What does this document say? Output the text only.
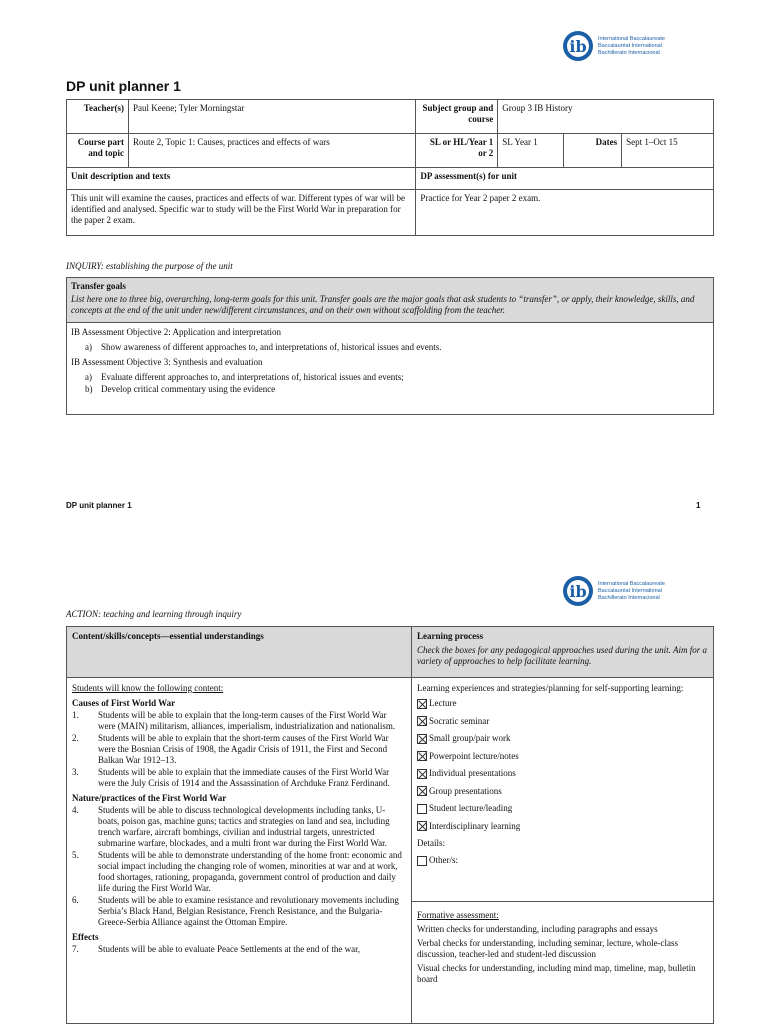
ib International Baccalaureate
Baccalauréat International
Bachillerato Internacional
DP unit planner 1
Teacher(s)	Paul Keene; Tyler Morningstar	Subject group and course	Group 3 IB History		
Course part and topic	Route 2, Topic 1: Causes, practices and effects of wars	SL or HL/Year 1 or 2	SL Year 1	Dates	Sept 1–Oct 15
Unit description and texts		DP assessment(s) for unit			
This unit will examine the causes, practices and effects of war. Different types of war will be identified and analysed. Specific war to study will be the First World War in preparation for the paper 2 exam.		Practice for Year 2 paper 2 exam.			
INQUIRY: establishing the purpose of the unit
Transfer goals
List here one to three big, overarching, long-term goals for this unit. Transfer goals are the major goals that ask students to “transfer”, or apply, their knowledge, skills, and concepts at the end of the unit under new/different circumstances, and on their own without scaffolding from the teacher.
IB Assessment Objective 2: Application and interpretation
a)	Show awareness of different approaches to, and interpretations of, historical issues and events.
IB Assessment Objective 3: Synthesis and evaluation
a)	Evaluate different approaches to, and interpretations of, historical issues and events;
b) Develop critical commentary using the evidence
DP unit planner 1	1
ib International Baccalaureate
Baccalauréat International
Bachillerato Internacional
ACTION: teaching and learning through inquiry
Content/skills/concepts—essential understandings	Learning process
Check the boxes for any pedagogical approaches used during the unit. Aim for a variety of approaches to help facilitate learning.
Students will know the following content:
Causes of First World War
1.	Students will be able to explain that the long-term causes of the First World War were (MAIN) militarism, alliances, imperialism, industrialization and nationalism.
2.	Students will be able to explain that the short-term causes of the First World War were the Bosnian Crisis of 1908, the Agadir Crisis of 1911, the First and Second Balkan War 1912–13.
3.	Students will be able to explain that the immediate causes of the First World War were the July Crisis of 1914 and the Assassination of Archduke Franz Ferdinand.
Nature/practices of the First World War
4.	Students will be able to discuss technological developments including tanks, U-boats, poison gas, machine guns; tactics and strategies on land and sea, including trench warfare, aircraft bombings, civilian and industrial targets, unrestricted submarine warfare, blockades, and a multi front war during the First World War.
5.	Students will be able to demonstrate understanding of the home front: economic and social impact including the changing role of women, minorities at war and at work, food shortages, rationing, propaganda, government control of production and daily life during the First World War.
6.	Students will be able to examine resistance and revolutionary movements including Serbia’s Black Hand, Belgian Resistance, French Resistance, and the Bulgaria-Greece-Serbia Alliance against the Ottoman Empire.
Effects
7.	Students will be able to evaluate Peace Settlements at the end of the war,
Learning experiences and strategies/planning for self-supporting learning:
Lecture
Socratic seminar
Small group/pair work
Powerpoint lecture/notes
Individual presentations
Group presentations
Student lecture/leading
Interdisciplinary learning
Details:
Other/s:
Formative assessment:
Written checks for understanding, including paragraphs and essays
Verbal checks for understanding, including seminar, lecture, whole-class discussion, teacher-led and student-led discussion
Visual checks for understanding, including mind map, timeline, map, bulletin board
